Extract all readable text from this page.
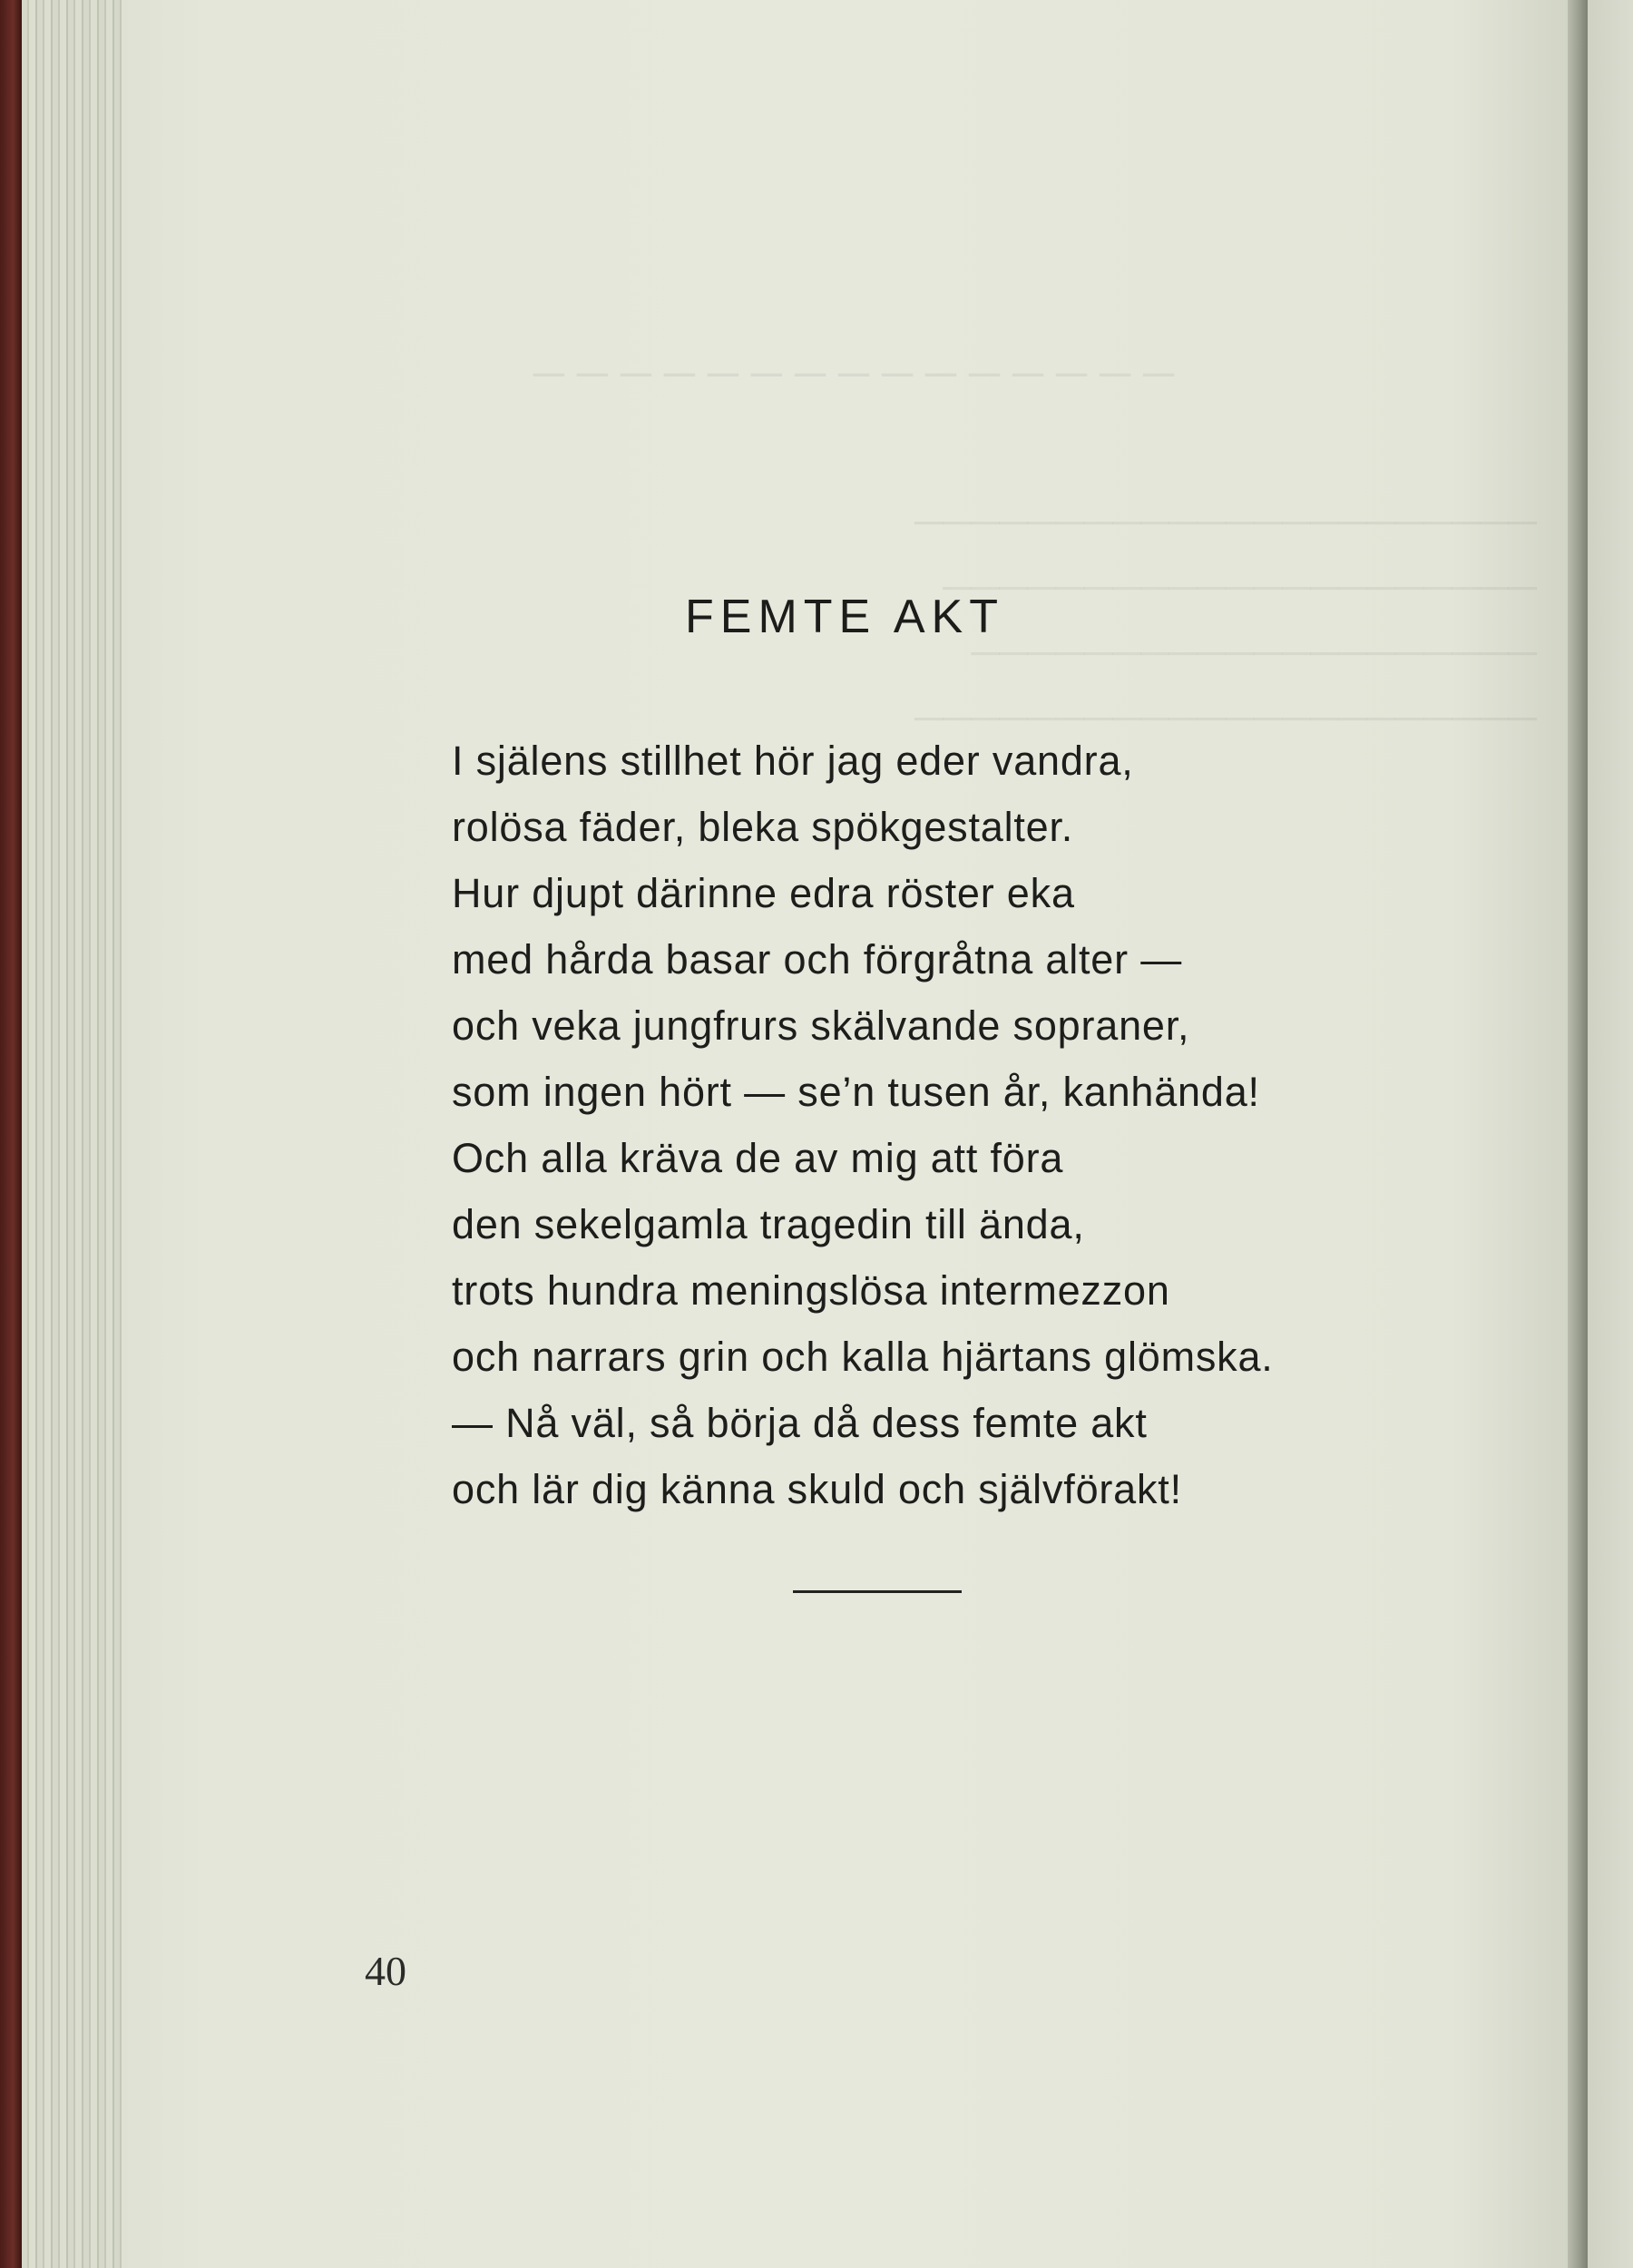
───────────────
──────────────────────
─────────────────────
────────────────────
──────────────────────
FEMTE AKT
I själens stillhet hör jag eder vandra,
rolösa fäder, bleka spökgestalter.
Hur djupt därinne edra röster eka
med hårda basar och förgråtna alter —
och veka jungfrurs skälvande sopraner,
som ingen hört — se’n tusen år, kanhända!
Och alla kräva de av mig att föra
den sekelgamla tragedin till ända,
trots hundra meningslösa intermezzon
och narrars grin och kalla hjärtans glömska.
— Nå väl, så börja då dess femte akt
och lär dig känna skuld och självförakt!
40
